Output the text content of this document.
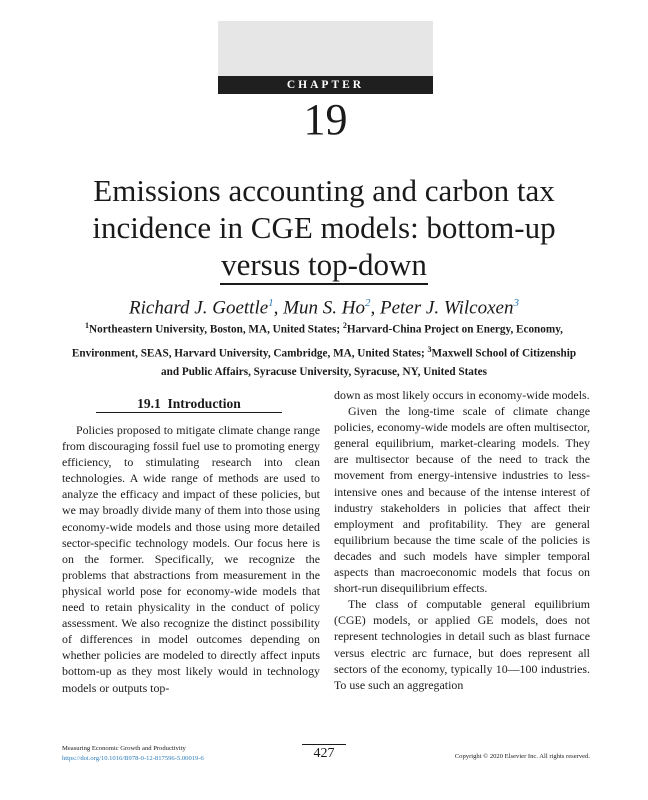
CHAPTER
19
Emissions accounting and carbon tax
incidence in CGE models: bottom-up
versus top-down
Richard J. Goettle$^1$, Mun S. Ho$^2$, Peter J. Wilcoxen$^3$
$^1$Northeastern University, Boston, MA, United States; $^2$Harvard-China Project on Energy, Economy,
Environment, SEAS, Harvard University, Cambridge, MA, United States; $^3$Maxwell School of Citizenship
and Public Affairs, Syracuse University, Syracuse, NY, United States
19.1 Introduction

Policies proposed to mitigate climate change range from discouraging fossil fuel use to promoting energy efficiency, to stimulating research into clean technologies. A wide range of methods are used to analyze the efficacy and impact of these policies, but we may broadly divide many of them into those using economy-wide models and those using more detailed sector-specific technology models. Our focus here is on the former. Specifically, we recognize the problems that abstractions from measurement in the physical world pose for economy-wide models that need to retain physicality in the conduct of policy assessment. We also recognize the distinct possibility of differences in model outcomes depending on whether policies are modeled to directly affect inputs bottom-up as they most likely would in technology models or outputs top-

down as most likely occurs in economy-wide models.

Given the long-time scale of climate change policies, economy-wide models are often multisector, general equilibrium, market-clearing models. They are multisector because of the need to track the movement from energy-intensive industries to less-intensive ones and because of the intense interest of industry stakeholders in policies that affect their employment and profitability. They are general equilibrium because the time scale of the policies is decades and such models have simpler temporal aspects than macroeconomic models that focus on short-run disequilibrium effects.

The class of computable general equilibrium (CGE) models, or applied GE models, does not represent technologies in detail such as blast furnace versus electric arc furnace, but does represent all sectors of the economy, typically 10—100 industries. To use such an aggregation

Measuring Economic Growth and Productivity
https://doi.org/10.1016/B978-0-12-817596-5.00019-6	427	Copyright © 2020 Elsevier Inc. All rights reserved.
